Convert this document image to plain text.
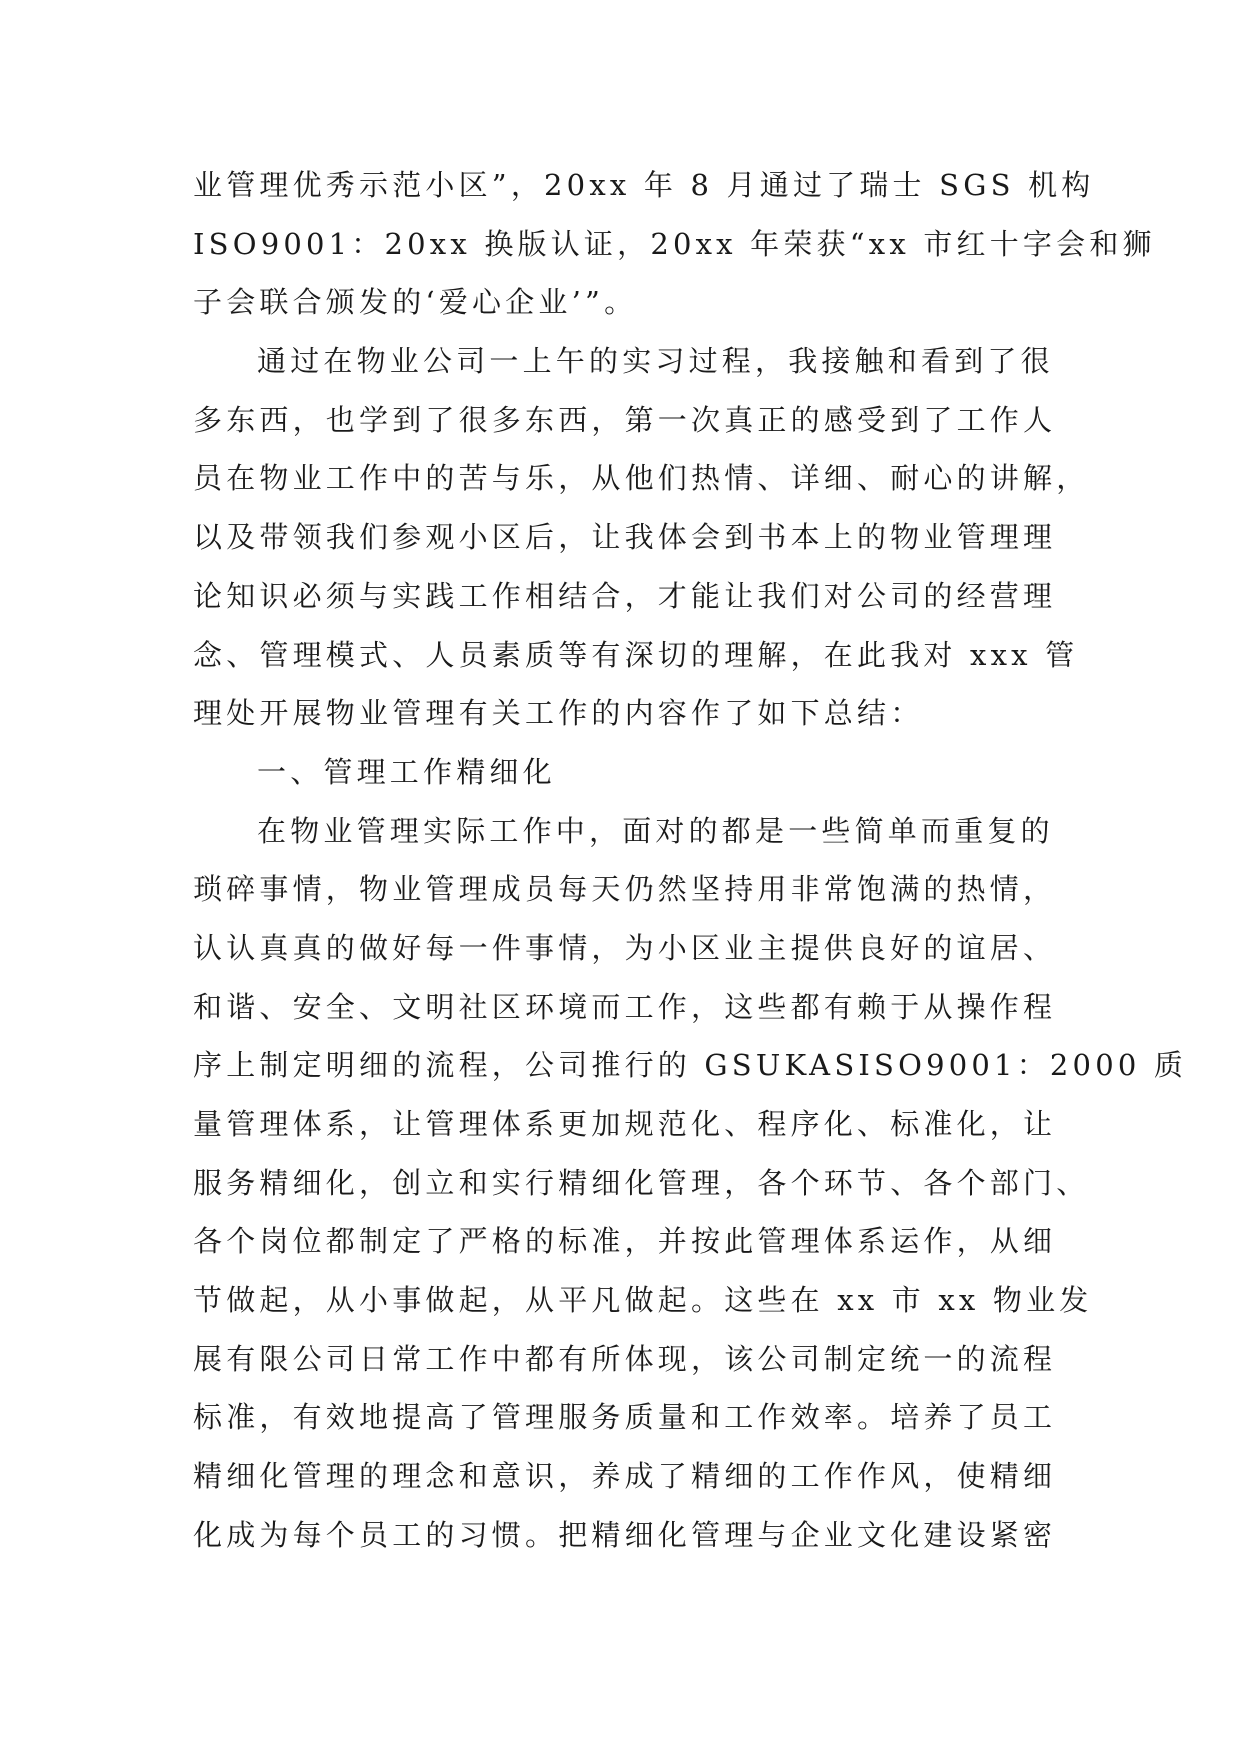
业管理优秀示范小区”，20xx 年 8 月通过了瑞士 SGS 机构
ISO9001：20xx 换版认证，20xx 年荣获“xx 市红十字会和狮
子会联合颁发的‘爱心企业’”。
通过在物业公司一上午的实习过程，我接触和看到了很
多东西，也学到了很多东西，第一次真正的感受到了工作人
员在物业工作中的苦与乐，从他们热情、详细、耐心的讲解，
以及带领我们参观小区后，让我体会到书本上的物业管理理
论知识必须与实践工作相结合，才能让我们对公司的经营理
念、管理模式、人员素质等有深切的理解，在此我对 xxx 管
理处开展物业管理有关工作的内容作了如下总结：
一、管理工作精细化
在物业管理实际工作中，面对的都是一些简单而重复的
琐碎事情，物业管理成员每天仍然坚持用非常饱满的热情，
认认真真的做好每一件事情，为小区业主提供良好的谊居、
和谐、安全、文明社区环境而工作，这些都有赖于从操作程
序上制定明细的流程，公司推行的 GSUKASISO9001：2000 质
量管理体系，让管理体系更加规范化、程序化、标准化，让
服务精细化，创立和实行精细化管理，各个环节、各个部门、
各个岗位都制定了严格的标准，并按此管理体系运作，从细
节做起，从小事做起，从平凡做起。这些在 xx 市 xx 物业发
展有限公司日常工作中都有所体现，该公司制定统一的流程
标准，有效地提高了管理服务质量和工作效率。培养了员工
精细化管理的理念和意识，养成了精细的工作作风，使精细
化成为每个员工的习惯。把精细化管理与企业文化建设紧密
